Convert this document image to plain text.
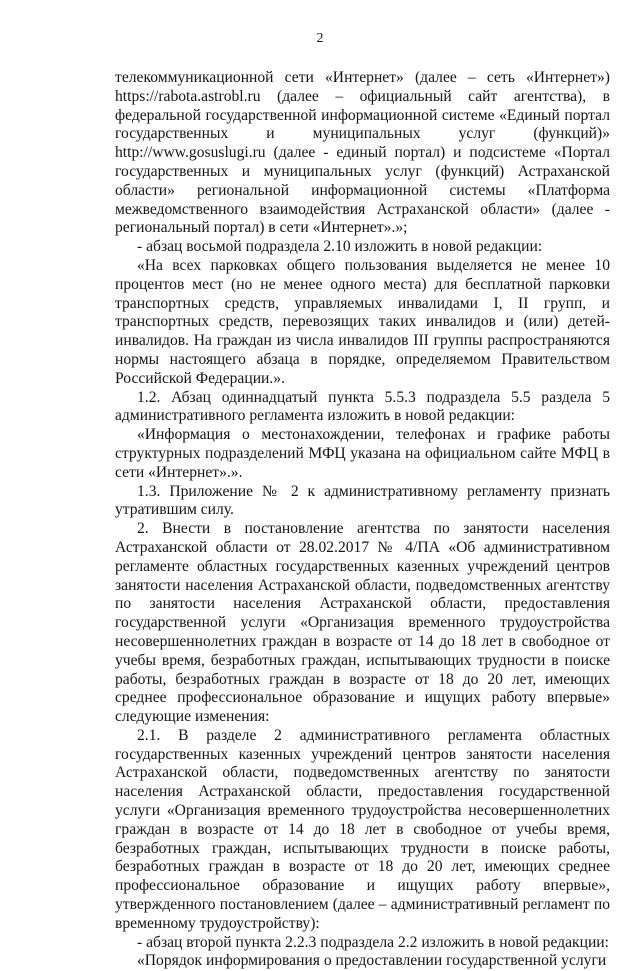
2

телекоммуникационной сети «Интернет» (далее – сеть «Интернет») https://rabota.astrobl.ru (далее – официальный сайт агентства), в федеральной государственной информационной системе «Единый портал государственных и муниципальных услуг (функций)» http://www.gosuslugi.ru (далее - единый портал) и подсистеме «Портал государственных и муниципальных услуг (функций) Астраханской области» региональной информационной системы «Платформа межведомственного взаимодействия Астраханской области» (далее - региональный портал) в сети «Интернет».»;

- абзац восьмой подраздела 2.10 изложить в новой редакции:

«На всех парковках общего пользования выделяется не менее 10 процентов мест (но не менее одного места) для бесплатной парковки транспортных средств, управляемых инвалидами I, II групп, и транспортных средств, перевозящих таких инвалидов и (или) детей-инвалидов. На граждан из числа инвалидов III группы распространяются нормы настоящего абзаца в порядке, определяемом Правительством Российской Федерации.».

1.2. Абзац одиннадцатый пункта 5.5.3 подраздела 5.5 раздела 5 административного регламента изложить в новой редакции:

«Информация о местонахождении, телефонах и графике работы структурных подразделений МФЦ указана на официальном сайте МФЦ в сети «Интернет».».

1.3. Приложение № 2 к административному регламенту признать утратившим силу.

2. Внести в постановление агентства по занятости населения Астраханской области от 28.02.2017 № 4/ПА «Об административном регламенте областных государственных казенных учреждений центров занятости населения Астраханской области, подведомственных агентству по занятости населения Астраханской области, предоставления государственной услуги «Организация временного трудоустройства несовершеннолетних граждан в возрасте от 14 до 18 лет в свободное от учебы время, безработных граждан, испытывающих трудности в поиске работы, безработных граждан в возрасте от 18 до 20 лет, имеющих среднее профессиональное образование и ищущих работу впервые» следующие изменения:

2.1. В разделе 2 административного регламента областных государственных казенных учреждений центров занятости населения Астраханской области, подведомственных агентству по занятости населения Астраханской области, предоставления государственной услуги «Организация временного трудоустройства несовершеннолетних граждан в возрасте от 14 до 18 лет в свободное от учебы время, безработных граждан, испытывающих трудности в поиске работы, безработных граждан в возрасте от 18 до 20 лет, имеющих среднее профессиональное образование и ищущих работу впервые», утвержденного постановлением (далее – административный регламент по временному трудоустройству):

- абзац второй пункта 2.2.3 подраздела 2.2 изложить в новой редакции:

«Порядок информирования о предоставлении государственной услуги
